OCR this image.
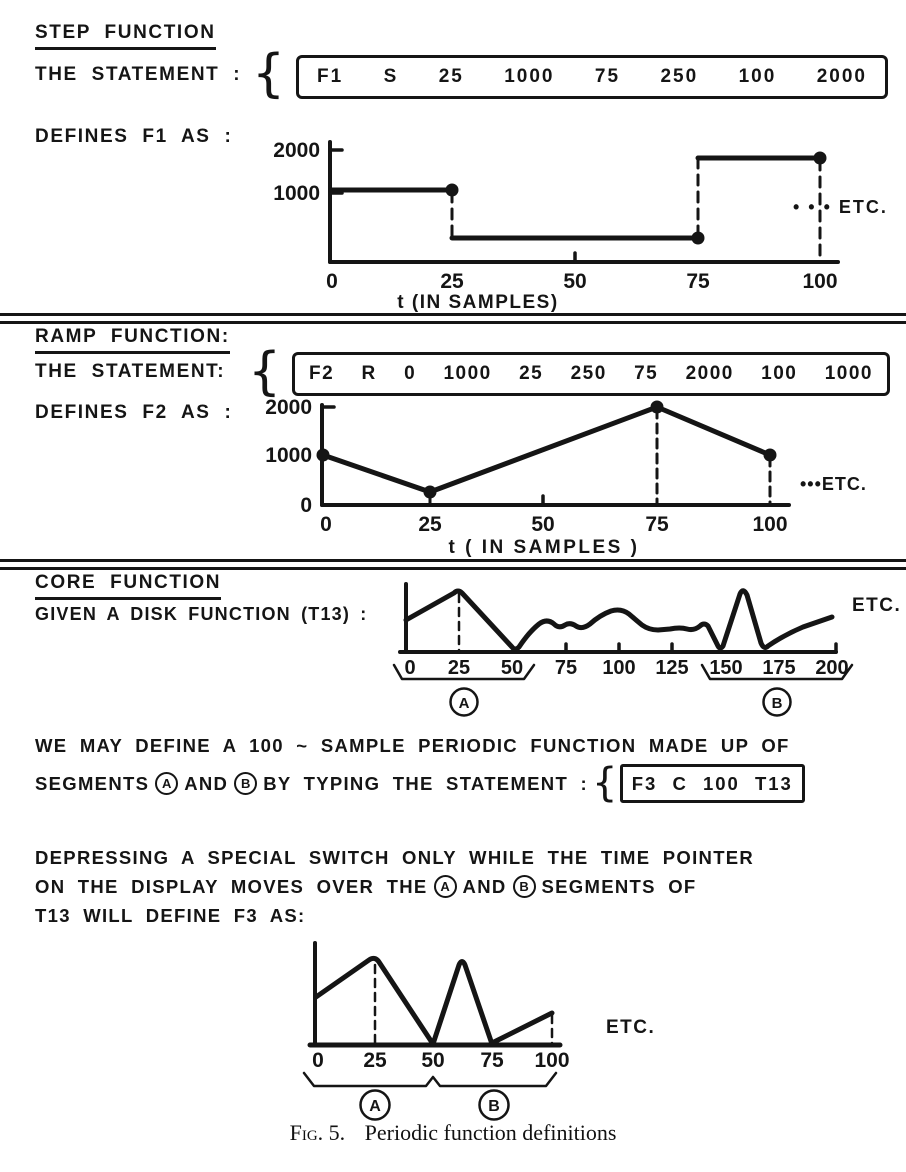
STEP FUNCTION
THE STATEMENT : { F1 S 25 1000 75 250 100 2000
DEFINES F1 AS :
2000
1000
0	25	50	75	100
• • • ETC.
t (IN SAMPLES)
RAMP FUNCTION:
THE STATEMENT: { F2 R 0 1000 25 250 75 2000 100 1000
DEFINES F2 AS : 2000
1000
0
0	25	50	75	100
•••ETC.
t ( IN SAMPLES )
CORE FUNCTION
GIVEN A DISK FUNCTION (T13) :
0 25 50 75 100 125 150 175 200
A	B
ETC.
WE MAY DEFINE A 100 ~ SAMPLE PERIODIC FUNCTION MADE UP OF
SEGMENTS A AND B BY TYPING THE STATEMENT : { F3 C 100 T13
DEPRESSING A SPECIAL SWITCH ONLY WHILE THE TIME POINTER
ON THE DISPLAY MOVES OVER THE A AND B SEGMENTS OF
T13 WILL DEFINE F3 AS:
0 25 50 75 100
A	B
ETC.
Fig. 5. Periodic function definitions
